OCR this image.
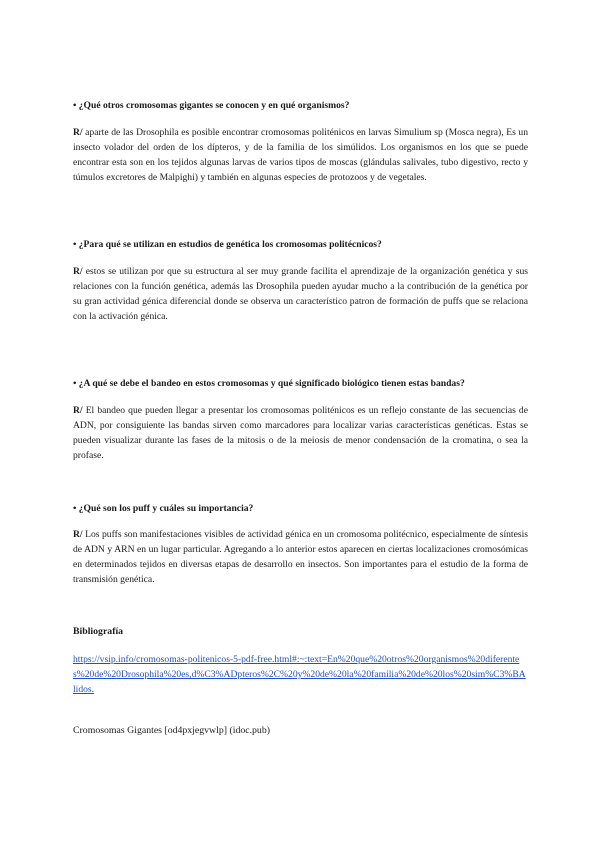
• ¿Qué otros cromosomas gigantes se conocen y en qué organismos?
R/ aparte de las Drosophila es posible encontrar cromosomas politénicos en larvas Simulium sp (Mosca negra), Es un insecto volador del orden de los dípteros, y de la familia de los simúlidos. Los organismos en los que se puede encontrar esta son en los tejidos algunas larvas de varios tipos de moscas (glándulas salivales, tubo digestivo, recto y túmulos excretores de Malpighi) y también en algunas especies de protozoos y de vegetales.
• ¿Para qué se utilizan en estudios de genética los cromosomas politécnicos?
R/ estos se utilizan por que su estructura al ser muy grande facilita el aprendizaje de la organización genética y sus relaciones con la función genética, además las Drosophila pueden ayudar mucho a la contribución de la genética por su gran actividad génica diferencial donde se observa un característico patron de formación de puffs que se relaciona con la activación génica.
• ¿A qué se debe el bandeo en estos cromosomas y qué significado biológico tienen estas bandas?
R/ El bandeo que pueden llegar a presentar los cromosomas politénicos es un reflejo constante de las secuencias de ADN, por consiguiente las bandas sirven como marcadores para localizar varias características genéticas. Estas se pueden visualizar durante las fases de la mitosis o de la meiosis de menor condensación de la cromatina, o sea la profase.
• ¿Qué son los puff y cuáles su importancia?
R/ Los puffs son manifestaciones visibles de actividad génica en un cromosoma politécnico, especialmente de síntesis de ADN y ARN en un lugar particular. Agregando a lo anterior estos aparecen en ciertas localizaciones cromosómicas en determinados tejidos en diversas etapas de desarrollo en insectos. Son importantes para el estudio de la forma de transmisión genética.
Bibliografía
https://vsip.info/cromosomas-politenicos-5-pdf-free.html#:~:text=En%20que%20otros%20organismos%20diferentes%20de%20Drosophila%20es,d%C3%ADpteros%2C%20y%20de%20la%20familia%20de%20los%20sim%C3%BAlidos.
Cromosomas Gigantes [od4pxjegvwlp] (idoc.pub)
